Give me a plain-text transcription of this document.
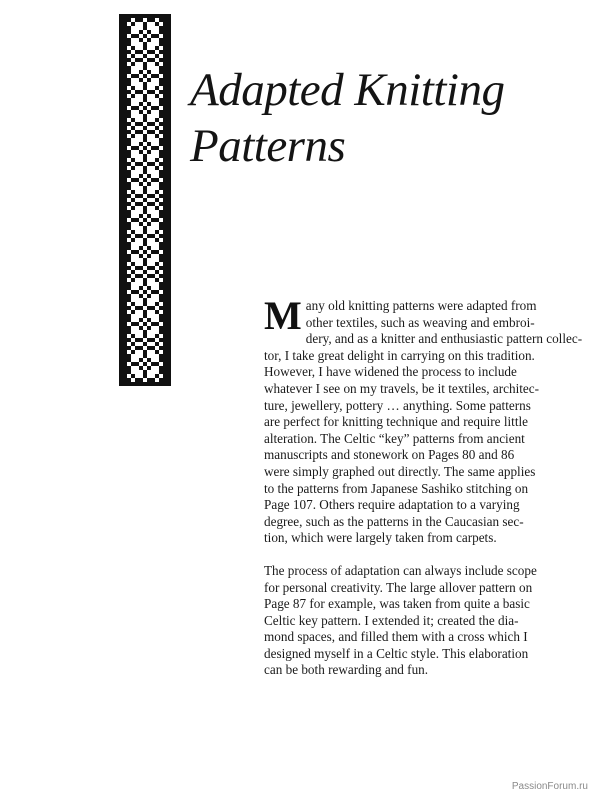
Adapted Knitting
Patterns
M any old knitting patterns were adapted from
other textiles, such as weaving and embroi-
dery, and as a knitter and enthusiastic pattern collec-
tor, I take great delight in carrying on this tradition.
However, I have widened the process to include
whatever I see on my travels, be it textiles, architec-
ture, jewellery, pottery … anything. Some patterns
are perfect for knitting technique and require little
alteration. The Celtic “key” patterns from ancient
manuscripts and stonework on Pages 80 and 86
were simply graphed out directly. The same applies
to the patterns from Japanese Sashiko stitching on
Page 107. Others require adaptation to a varying
degree, such as the patterns in the Caucasian sec-
tion, which were largely taken from carpets.
The process of adaptation can always include scope
for personal creativity. The large allover pattern on
Page 87 for example, was taken from quite a basic
Celtic key pattern. I extended it; created the dia-
mond spaces, and filled them with a cross which I
designed myself in a Celtic style. This elaboration
can be both rewarding and fun.
PassionForum.ru
